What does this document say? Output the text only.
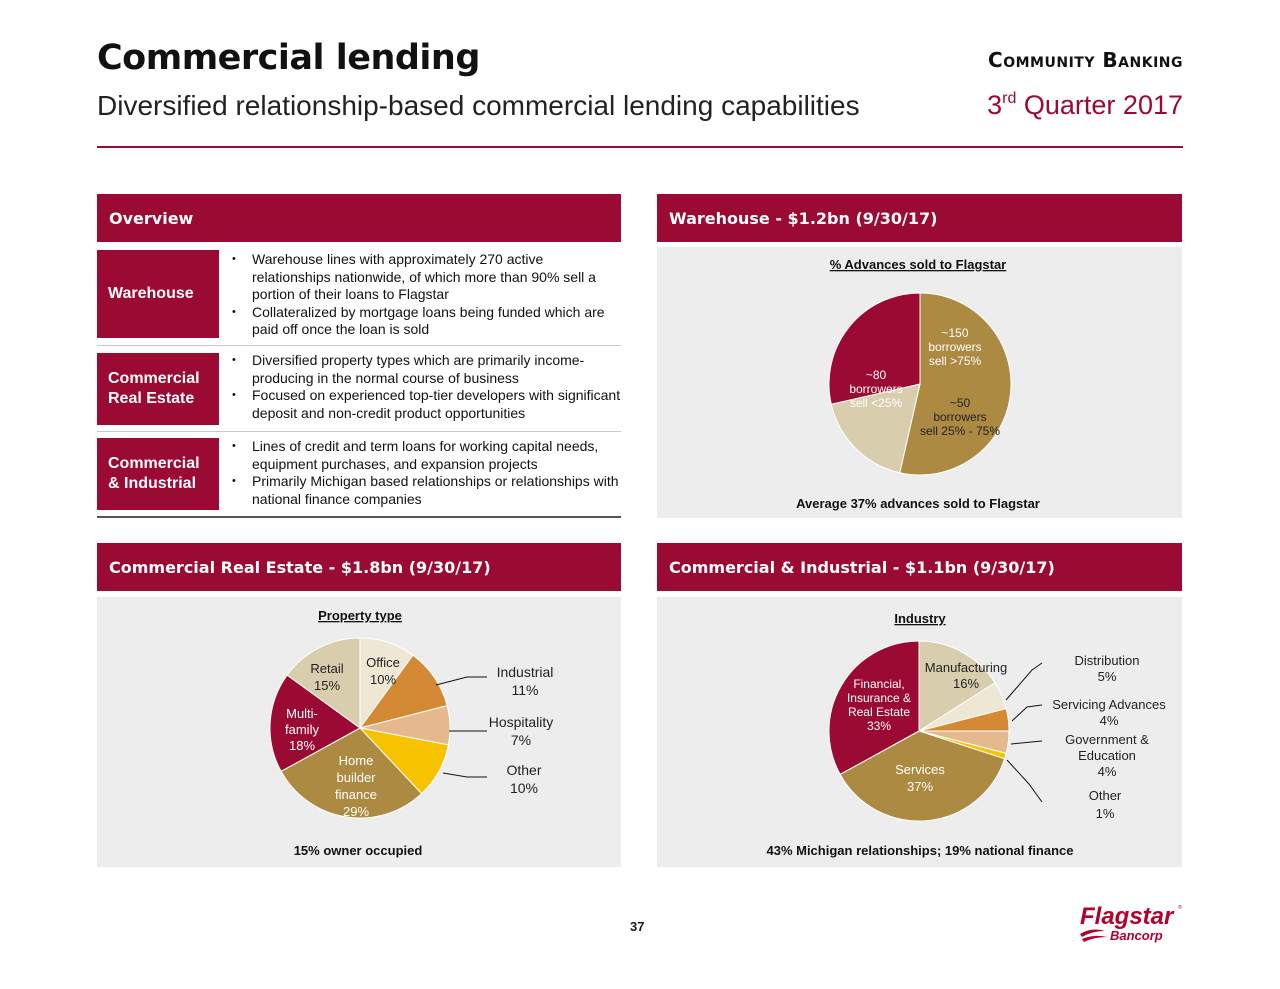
Commercial lending	Community Banking
Diversified relationship-based commercial lending capabilities	3rd Quarter 2017
Overview
Warehouse
• Warehouse lines with approximately 270 active relationships nationwide, of which more than 90% sell a portion of their loans to Flagstar
• Collateralized by mortgage loans being funded which are paid off once the loan is sold
Commercial
Real Estate
• Diversified property types which are primarily income-producing in the normal course of business
• Focused on experienced top-tier developers with significant deposit and non-credit product opportunities
Commercial
& Industrial
• Lines of credit and term loans for working capital needs, equipment purchases, and expansion projects
• Primarily Michigan based relationships or relationships with national finance companies
Warehouse - $1.2bn (9/30/17)
% Advances sold to Flagstar
Average 37% advances sold to Flagstar
~150 borrowers sell >75%
~50 borrowers sell 25% - 75%
~80 borrowers sell <25%
Commercial Real Estate - $1.8bn (9/30/17)
Property type
15% owner occupied
Office 10%
Retail 15%
Multi-family 18%
Home builder finance 29%
Industrial 11%
Hospitality 7%
Other 10%
Commercial & Industrial - $1.1bn (9/30/17)
Industry
43% Michigan relationships; 19% national finance
Manufacturing 16%
Financial, Insurance & Real Estate 33%
Services 37%
Distribution 5%
Servicing Advances 4%
Government & Education 4%
Other 1%
37	Flagstar ®
Bancorp
